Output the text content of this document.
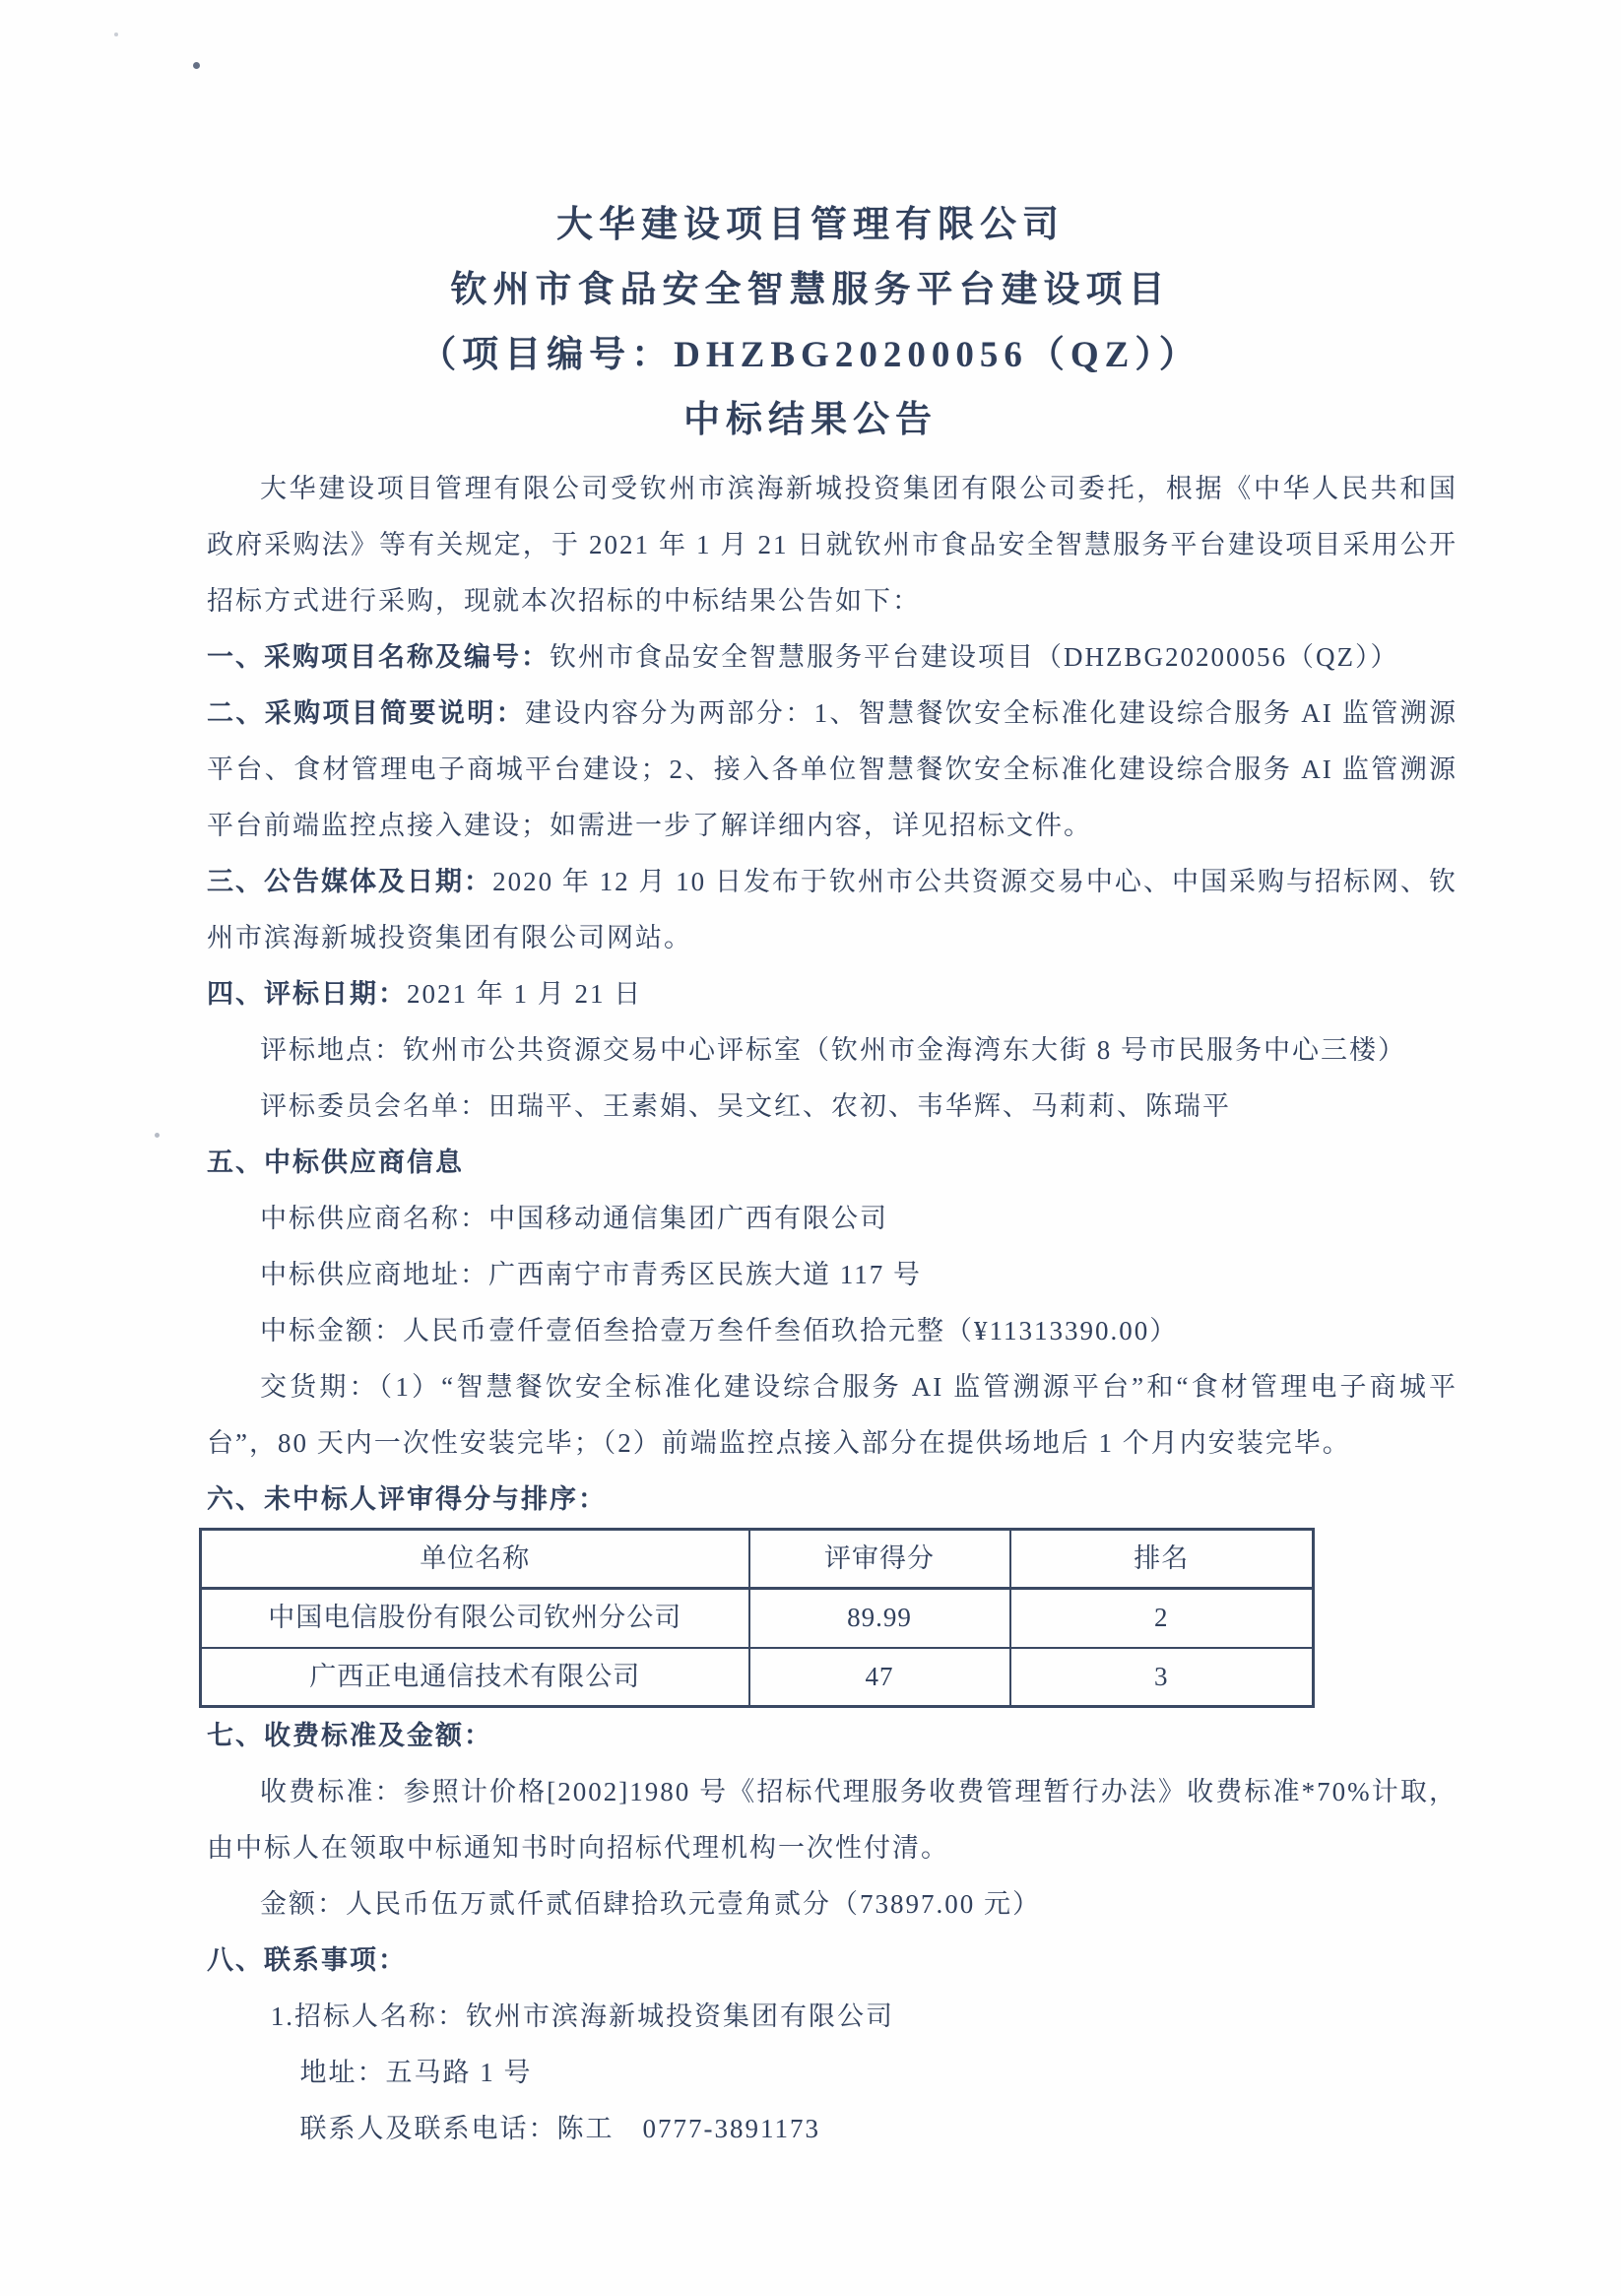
大华建设项目管理有限公司
钦州市食品安全智慧服务平台建设项目
（项目编号：DHZBG20200056（QZ））
中标结果公告

大华建设项目管理有限公司受钦州市滨海新城投资集团有限公司委托，根据《中华人民共和国政府采购法》等有关规定，于 2021 年 1 月 21 日就钦州市食品安全智慧服务平台建设项目采用公开招标方式进行采购，现就本次招标的中标结果公告如下：

一、采购项目名称及编号：钦州市食品安全智慧服务平台建设项目（DHZBG20200056（QZ））

二、采购项目简要说明：建设内容分为两部分：1、智慧餐饮安全标准化建设综合服务 AI 监管溯源平台、食材管理电子商城平台建设；2、接入各单位智慧餐饮安全标准化建设综合服务 AI 监管溯源平台前端监控点接入建设；如需进一步了解详细内容，详见招标文件。

三、公告媒体及日期：2020 年 12 月 10 日发布于钦州市公共资源交易中心、中国采购与招标网、钦州市滨海新城投资集团有限公司网站。

四、评标日期：2021 年 1 月 21 日

评标地点：钦州市公共资源交易中心评标室（钦州市金海湾东大街 8 号市民服务中心三楼）

评标委员会名单：田瑞平、王素娟、吴文红、农初、韦华辉、马莉莉、陈瑞平

五、中标供应商信息

中标供应商名称：中国移动通信集团广西有限公司

中标供应商地址：广西南宁市青秀区民族大道 117 号

中标金额：人民币壹仟壹佰叁拾壹万叁仟叁佰玖拾元整（¥11313390.00）

交货期：（1）“智慧餐饮安全标准化建设综合服务 AI 监管溯源平台”和“食材管理电子商城平台”，80 天内一次性安装完毕；（2）前端监控点接入部分在提供场地后 1 个月内安装完毕。

六、未中标人评审得分与排序：

单位名称	评审得分	排名
中国电信股份有限公司钦州分公司	89.99	2
广西正电通信技术有限公司	47	3

七、收费标准及金额：

收费标准：参照计价格[2002]1980 号《招标代理服务收费管理暂行办法》收费标准*70%计取，由中标人在领取中标通知书时向招标代理机构一次性付清。

金额：人民币伍万贰仟贰佰肆拾玖元壹角贰分（73897.00 元）

八、联系事项：

1.招标人名称：钦州市滨海新城投资集团有限公司

地址：五马路 1 号

联系人及联系电话：陈工　0777-3891173
